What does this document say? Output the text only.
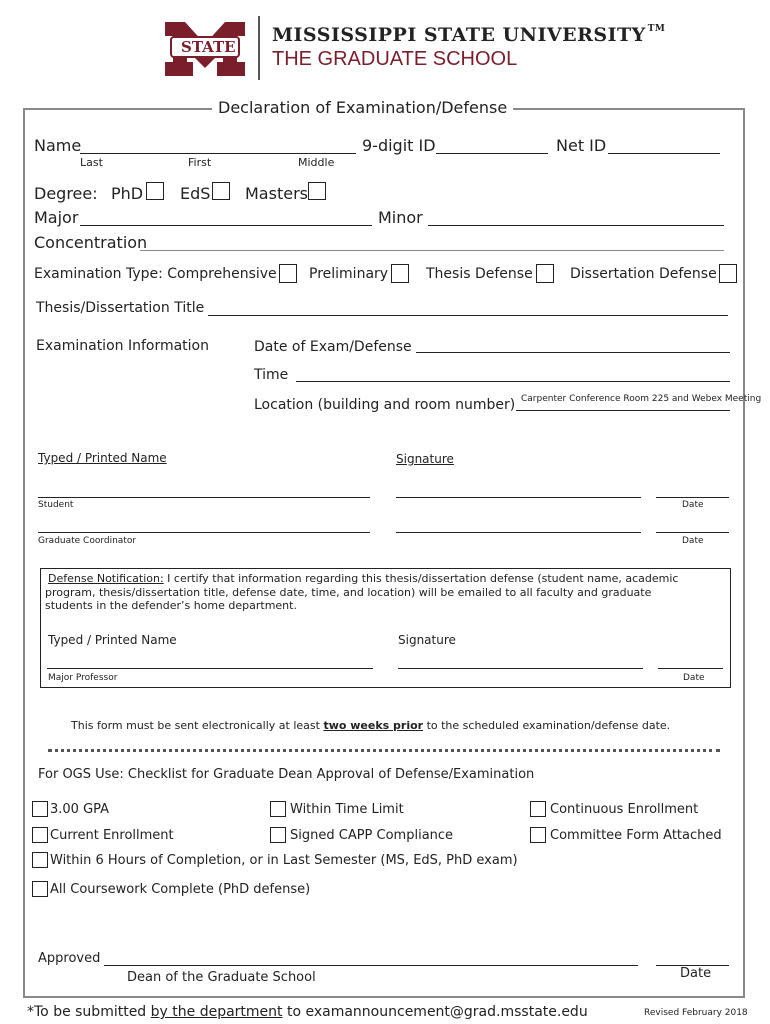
STATE
MISSISSIPPI STATE UNIVERSITY ™
THE GRADUATE SCHOOL
Declaration of Examination/Defense
Name	9-digit ID	Net ID
Last	First	Middle
Degree: PhD EdS Masters
Major	Minor
Concentration
Examination Type: Comprehensive Preliminary	Thesis Defense	Dissertation Defense
Thesis/Dissertation Title
Examination Information	Date of Exam/Defense
Time
Location (building and room number) Carpenter Conference Room 225 and Webex Meeting
Typed / Printed Name	Signature
Student	Date
Graduate Coordinator	Date
Defense Notification: I certify that information regarding this thesis/dissertation defense (student name, academic
program, thesis/dissertation title, defense date, time, and location) will be emailed to all faculty and graduate
students in the defender’s home department.
Typed / Printed Name	Signature
Major Professor	Date
This form must be sent electronically at least two weeks prior to the scheduled examination/defense date.
For OGS Use: Checklist for Graduate Dean Approval of Defense/Examination
3.00 GPA	Within Time Limit	Continuous Enrollment
Current Enrollment	Signed CAPP Compliance	Committee Form Attached
Within 6 Hours of Completion, or in Last Semester (MS, EdS, PhD exam)
All Coursework Complete (PhD defense)
Approved
Dean of the Graduate School	Date
*To be submitted by the department to examannouncement@grad.msstate.edu	Revised February 2018
